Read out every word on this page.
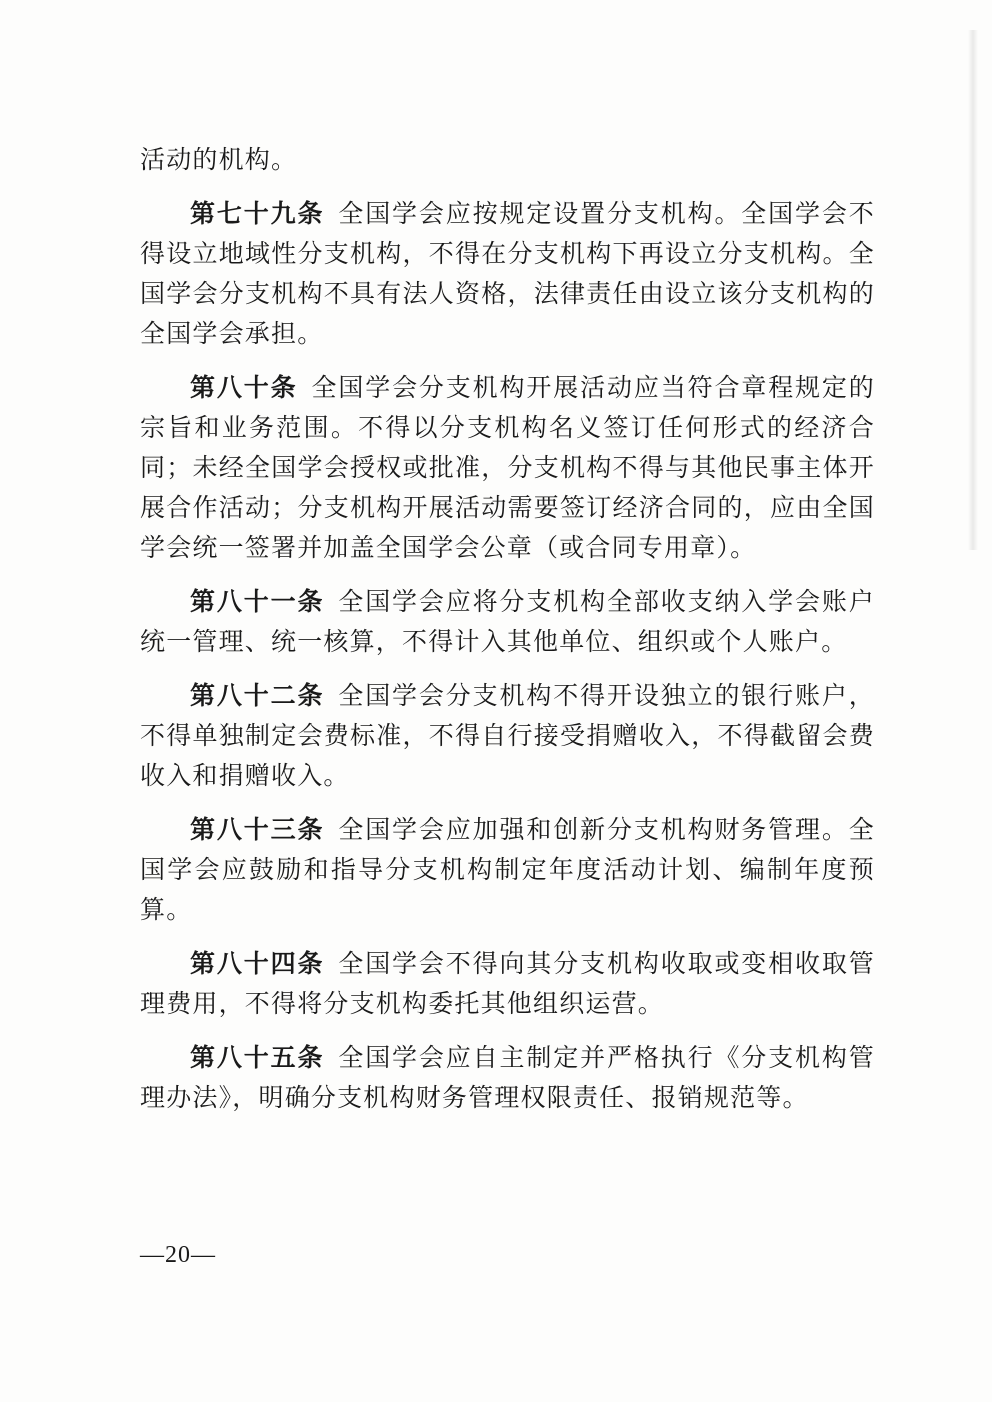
活动的机构。

第七十九条 全国学会应按规定设置分支机构。全国学会不得设立地域性分支机构，不得在分支机构下再设立分支机构。全国学会分支机构不具有法人资格，法律责任由设立该分支机构的全国学会承担。

第八十条 全国学会分支机构开展活动应当符合章程规定的宗旨和业务范围。不得以分支机构名义签订任何形式的经济合同；未经全国学会授权或批准，分支机构不得与其他民事主体开展合作活动；分支机构开展活动需要签订经济合同的，应由全国学会统一签署并加盖全国学会公章（或合同专用章）。

第八十一条 全国学会应将分支机构全部收支纳入学会账户统一管理、统一核算，不得计入其他单位、组织或个人账户。

第八十二条 全国学会分支机构不得开设独立的银行账户，不得单独制定会费标准，不得自行接受捐赠收入，不得截留会费收入和捐赠收入。

第八十三条 全国学会应加强和创新分支机构财务管理。全国学会应鼓励和指导分支机构制定年度活动计划、编制年度预算。

第八十四条 全国学会不得向其分支机构收取或变相收取管理费用，不得将分支机构委托其他组织运营。

第八十五条 全国学会应自主制定并严格执行《分支机构管理办法》，明确分支机构财务管理权限责任、报销规范等。

—20—
